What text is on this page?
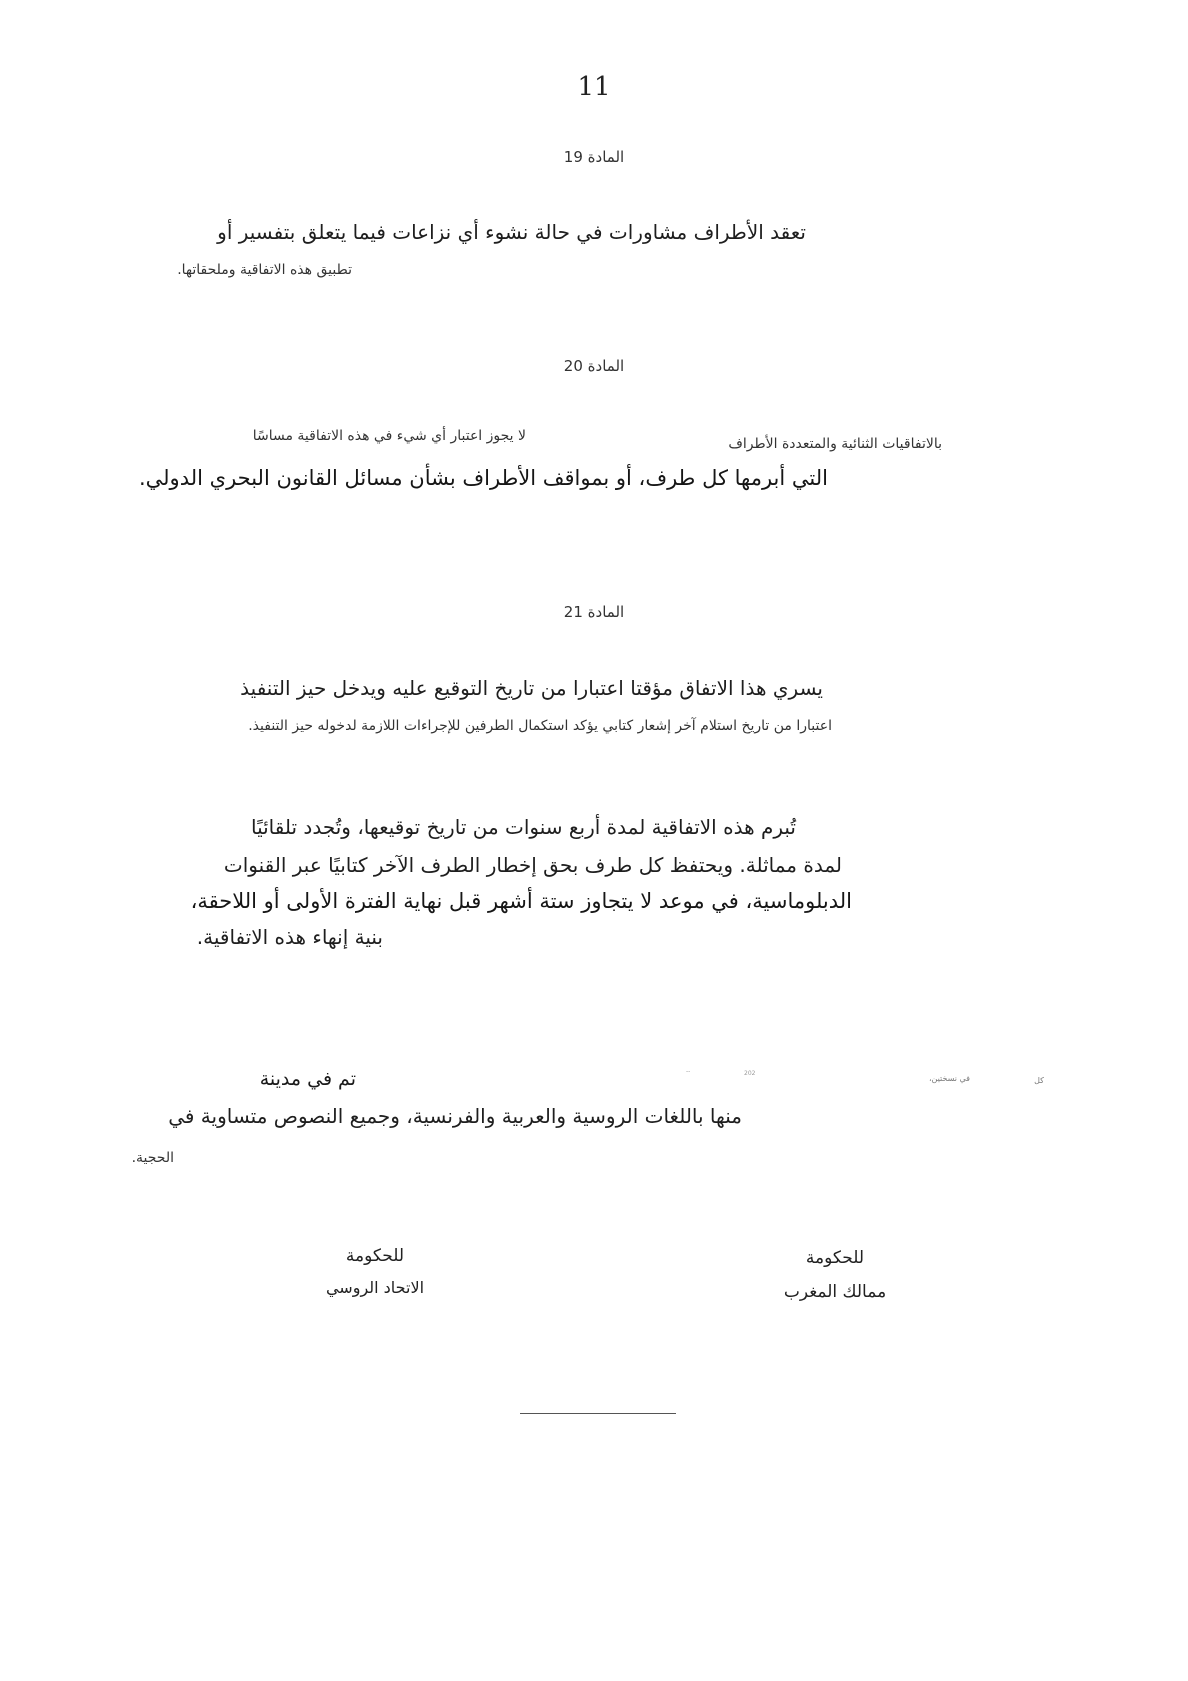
11
المادة 19
تعقد الأطراف مشاورات في حالة نشوء أي نزاعات فيما يتعلق بتفسير أو
تطبيق هذه الاتفاقية وملحقاتها.
المادة 20
بالاتفاقيات الثنائية والمتعددة الأطراف
لا يجوز اعتبار أي شيء في هذه الاتفاقية مساسًا
التي أبرمها كل طرف، أو بمواقف الأطراف بشأن مسائل القانون البحري الدولي.
المادة 21
يسري هذا الاتفاق مؤقتا اعتبارا من تاريخ التوقيع عليه ويدخل حيز التنفيذ
اعتبارا من تاريخ استلام آخر إشعار كتابي يؤكد استكمال الطرفين للإجراءات اللازمة لدخوله حيز التنفيذ.
تُبرم هذه الاتفاقية لمدة أربع سنوات من تاريخ توقيعها، وتُجدد تلقائيًا
لمدة مماثلة. ويحتفظ كل طرف بحق إخطار الطرف الآخر كتابيًا عبر القنوات
الدبلوماسية، في موعد لا يتجاوز ستة أشهر قبل نهاية الفترة الأولى أو اللاحقة،
بنية إنهاء هذه الاتفاقية.
تم في مدينة	--	202
في نسختين،	كل
منها باللغات الروسية والعربية والفرنسية، وجميع النصوص متساوية في
الحجية.
للحكومة
الاتحاد الروسي
للحكومة
ممالك المغرب
